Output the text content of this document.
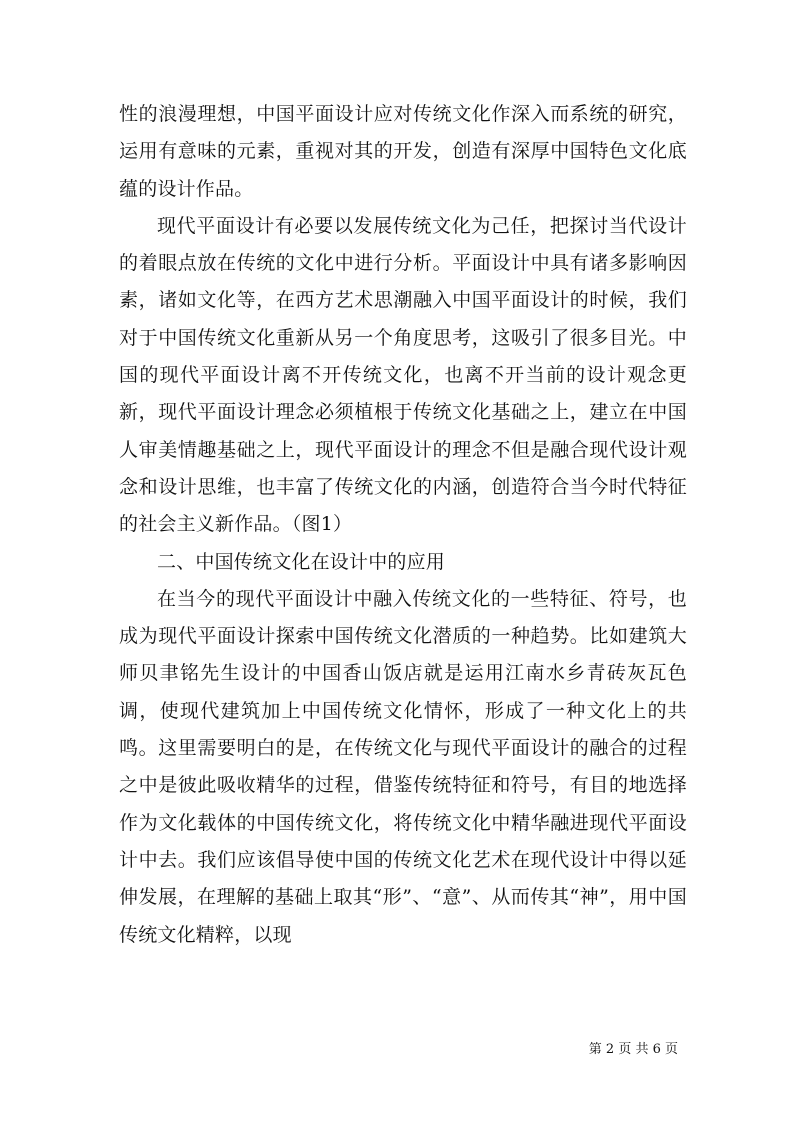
性的浪漫理想，中国平面设计应对传统文化作深入而系统的研究，运用有意味的元素，重视对其的开发，创造有深厚中国特色文化底蕴的设计作品。

现代平面设计有必要以发展传统文化为己任，把探讨当代设计的着眼点放在传统的文化中进行分析。平面设计中具有诸多影响因素，诸如文化等，在西方艺术思潮融入中国平面设计的时候，我们对于中国传统文化重新从另一个角度思考，这吸引了很多目光。中国的现代平面设计离不开传统文化，也离不开当前的设计观念更新，现代平面设计理念必须植根于传统文化基础之上，建立在中国人审美情趣基础之上，现代平面设计的理念不但是融合现代设计观念和设计思维，也丰富了传统文化的内涵，创造符合当今时代特征的社会主义新作品。（图1）

二、中国传统文化在设计中的应用

在当今的现代平面设计中融入传统文化的一些特征、符号，也成为现代平面设计探索中国传统文化潜质的一种趋势。比如建筑大师贝聿铭先生设计的中国香山饭店就是运用江南水乡青砖灰瓦色调，使现代建筑加上中国传统文化情怀，形成了一种文化上的共鸣。这里需要明白的是，在传统文化与现代平面设计的融合的过程之中是彼此吸收精华的过程，借鉴传统特征和符号，有目的地选择作为文化载体的中国传统文化，将传统文化中精华融进现代平面设计中去。我们应该倡导使中国的传统文化艺术在现代设计中得以延伸发展，在理解的基础上取其“形”、“意”、从而传其“神”，用中国传统文化精粹，以现

第 2 页 共 6 页
